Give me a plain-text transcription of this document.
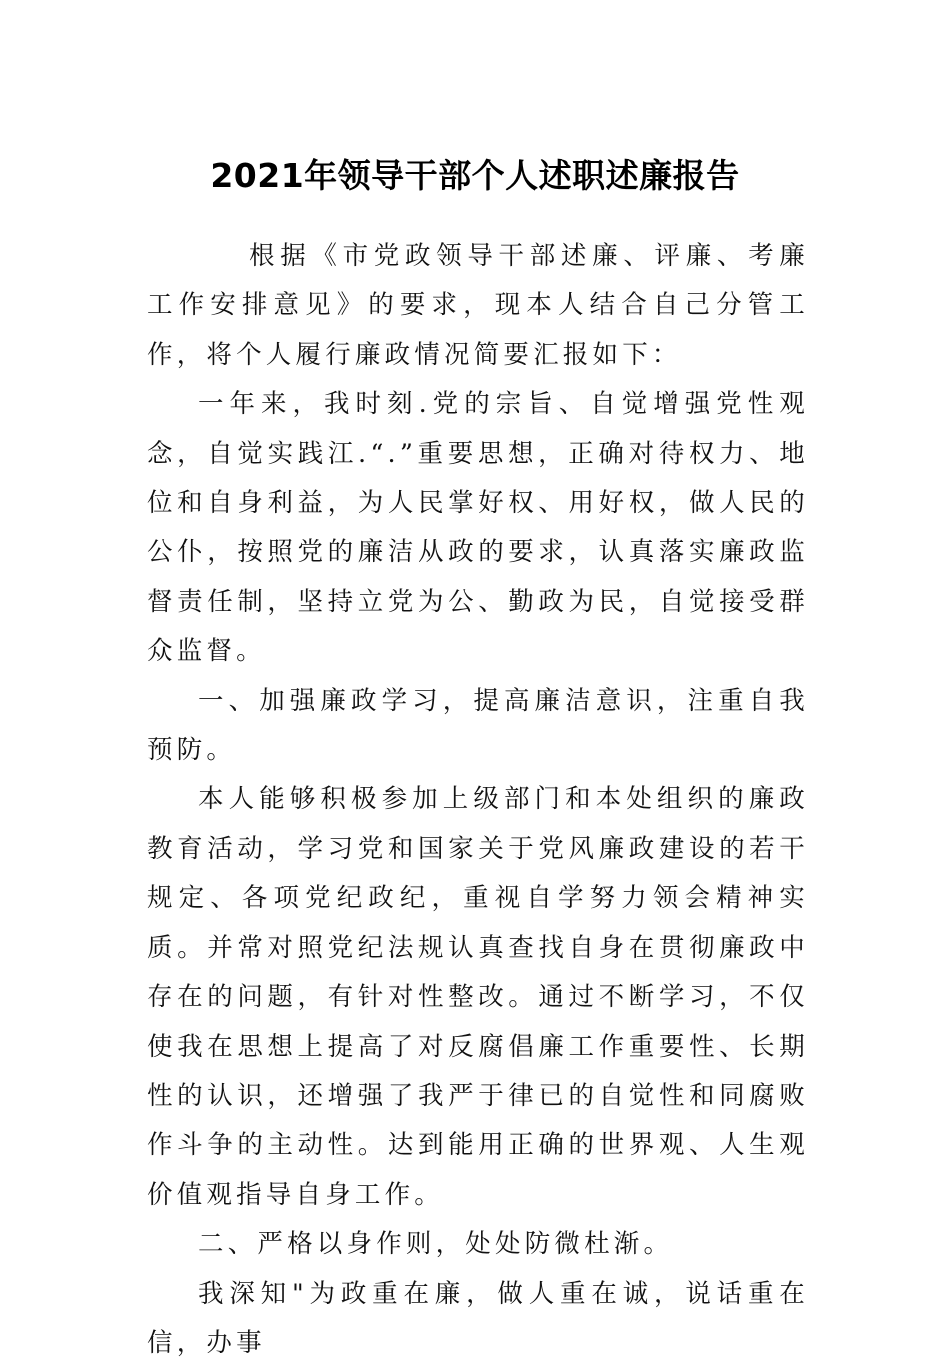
2021年领导干部个人述职述廉报告

根据《市党政领导干部述廉、评廉、考廉工作安排意见》的要求，现本人结合自己分管工作，将个人履行廉政情况简要汇报如下：

一年来，我时刻.党的宗旨、自觉增强党性观念，自觉实践江.“.”重要思想，正确对待权力、地位和自身利益，为人民掌好权、用好权，做人民的公仆，按照党的廉洁从政的要求，认真落实廉政监督责任制，坚持立党为公、勤政为民，自觉接受群众监督。

一、加强廉政学习，提高廉洁意识，注重自我预防。

本人能够积极参加上级部门和本处组织的廉政教育活动，学习党和国家关于党风廉政建设的若干规定、各项党纪政纪，重视自学努力领会精神实质。并常对照党纪法规认真查找自身在贯彻廉政中存在的问题，有针对性整改。通过不断学习，不仅使我在思想上提高了对反腐倡廉工作重要性、长期性的认识，还增强了我严于律已的自觉性和同腐败作斗争的主动性。达到能用正确的世界观、人生观价值观指导自身工作。

二、严格以身作则，处处防微杜渐。

我深知"为政重在廉，做人重在诚，说话重在信，办事
